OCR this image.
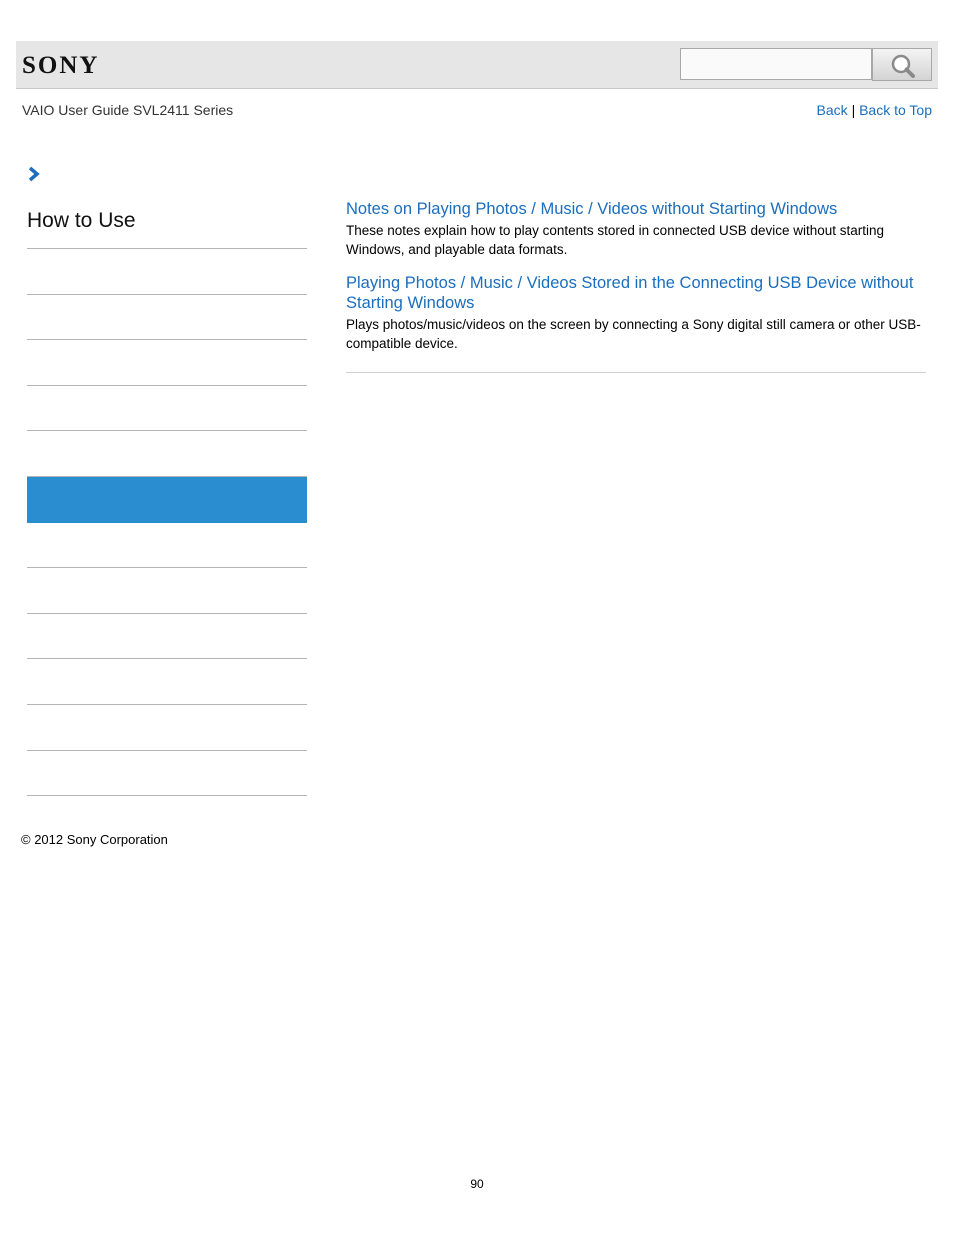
SONY
VAIO User Guide SVL2411 Series	Back | Back to Top
How to Use	Notes on Playing Photos / Music / Videos without Starting Windows

These notes explain how to play contents stored in connected USB device without starting Windows, and playable data formats.

Playing Photos / Music / Videos Stored in the Connecting USB Device without Starting Windows

Plays photos/music/videos on the screen by connecting a Sony digital still camera or other USB-compatible device.

© 2012 Sony Corporation
90
